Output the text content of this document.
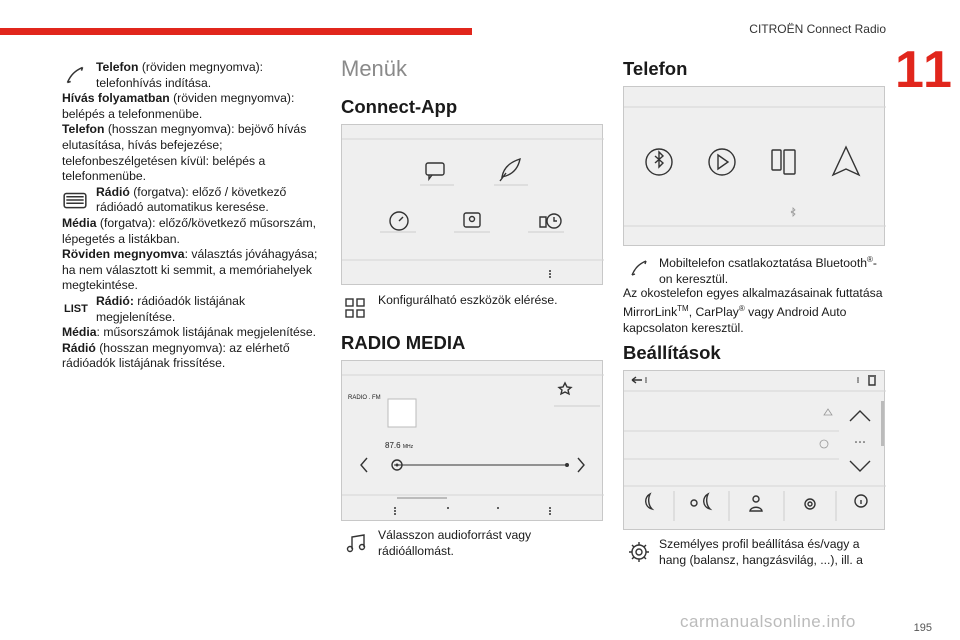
CITROËN Connect Radio
11

Telefon (röviden megnyomva): telefonhívás indítása.

Hívás folyamatban (röviden megnyomva): belépés a telefonmenübe.

Telefon (hosszan megnyomva): bejövő hívás elutasítása, hívás befejezése; telefonbeszélgetésen kívül: belépés a telefonmenübe.

Rádió (forgatva): előző / következő rádióadó automatikus keresése.

Média (forgatva): előző/következő műsorszám, lépegetés a listákban.

Röviden megnyomva: választás jóváhagyása; ha nem választott ki semmit, a memóriahelyek megtekintése.

LIST
Rádió: rádióadók listájának megjelenítése.

Média: műsorszámok listájának megjelenítése.

Rádió (hosszan megnyomva): az elérhető rádióadók listájának frissítése.

Menük
Connect-App
Konfigurálható eszközök elérése.
RADIO MEDIA
RADIO . FM
87.6 MHz
Válasszon audioforrást vagy rádióállomást.
Telefon
Mobiltelefon csatlakoztatása Bluetooth®-on keresztül.
Az okostelefon egyes alkalmazásainak futtatása MirrorLink™, CarPlay® vagy Android Auto kapcsolaton keresztül.
Beállítások
Személyes profil beállítása és/vagy a hang (balansz, hangzásvilág, ...), ill. a
195
carmanualsonline.info
